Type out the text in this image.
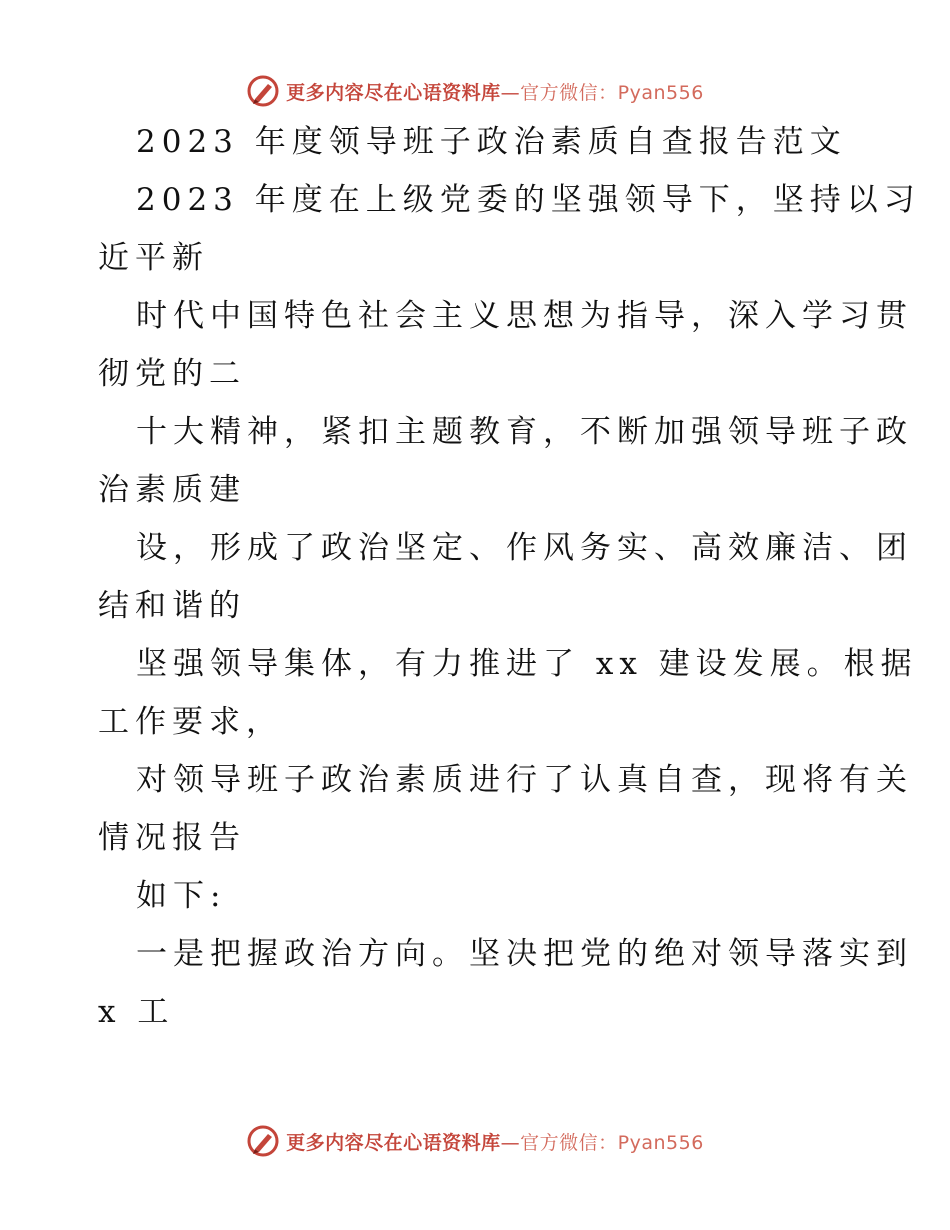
更多内容尽在心语资料库—官方微信：Pyan556
2023 年度领导班子政治素质自查报告范文
2023 年度在上级党委的坚强领导下，坚持以习
近平新
时代中国特色社会主义思想为指导，深入学习贯
彻党的二
十大精神，紧扣主题教育，不断加强领导班子政
治素质建
设，形成了政治坚定、作风务实、高效廉洁、团
结和谐的
坚强领导集体，有力推进了 xx 建设发展。根据
工作要求，
对领导班子政治素质进行了认真自查，现将有关
情况报告
如下:
一是把握政治方向。坚决把党的绝对领导落实到
x 工
更多内容尽在心语资料库—官方微信：Pyan556
